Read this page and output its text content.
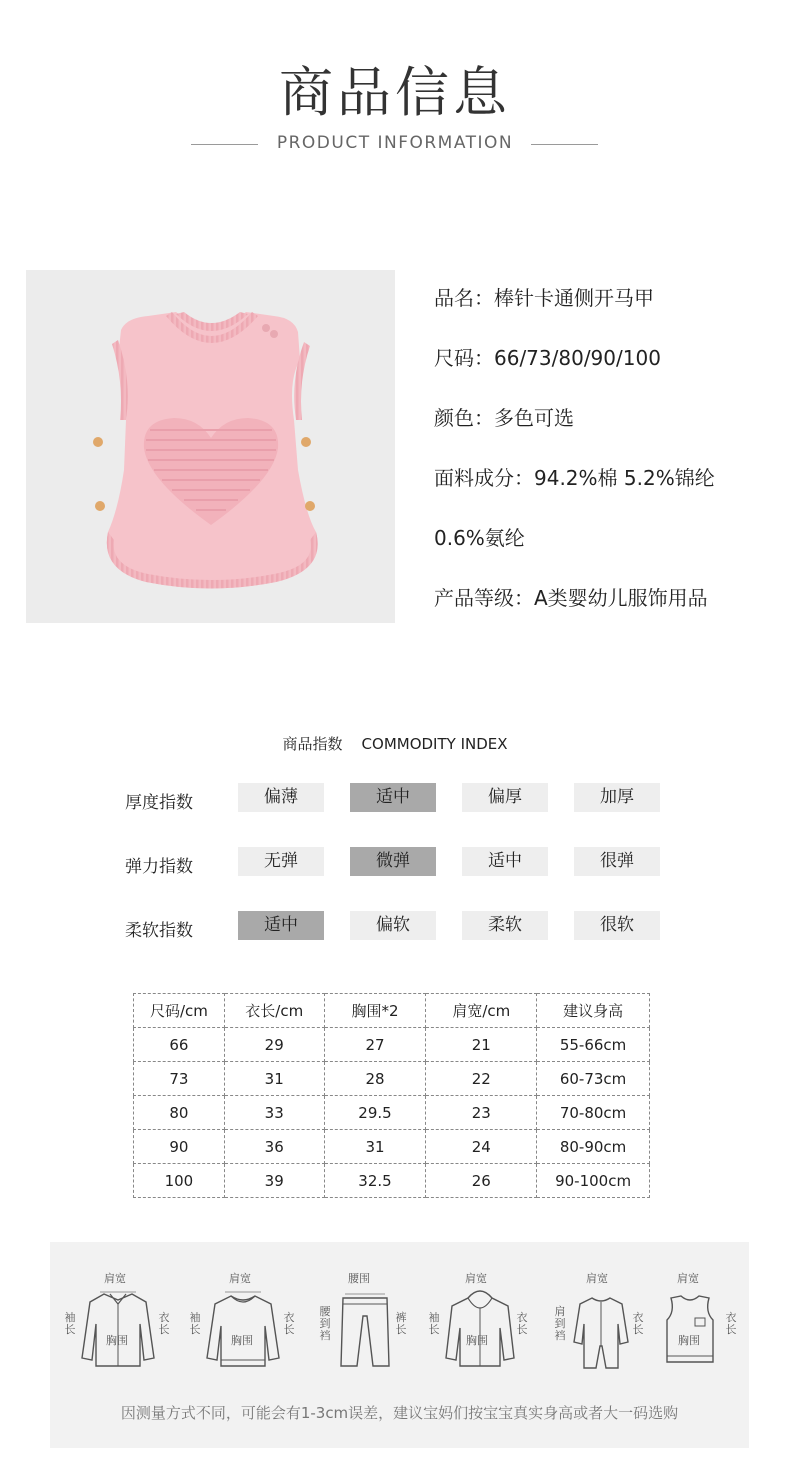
商品信息
PRODUCT INFORMATION
品名：棒针卡通侧开马甲
尺码：66/73/80/90/100
颜色：多色可选
面料成分：94.2%棉 5.2%锦纶
0.6%氨纶
产品等级：A类婴幼儿服饰用品
商品指数    COMMODITY INDEX
厚度指数	偏薄	适中	偏厚	加厚
弹力指数	无弹	微弹	适中	很弹
柔软指数	适中	偏软	柔软	很软
尺码/cm	衣长/cm	胸围*2	肩宽/cm	建议身高
66	29	27	21	55-66cm
73	31	28	22	60-73cm
80	33	29.5	23	70-80cm
90	36	31	24	80-90cm
100	39	32.5	26	90-100cm
肩宽
袖长
衣长
胸围
肩宽
袖长
衣长
胸围
腰围
腰到裆
裤长
肩宽
袖长
衣长
胸围
肩宽
肩到裆
衣长
肩宽
衣长
胸围
因测量方式不同，可能会有1-3cm误差，建议宝妈们按宝宝真实身高或者大一码选购
